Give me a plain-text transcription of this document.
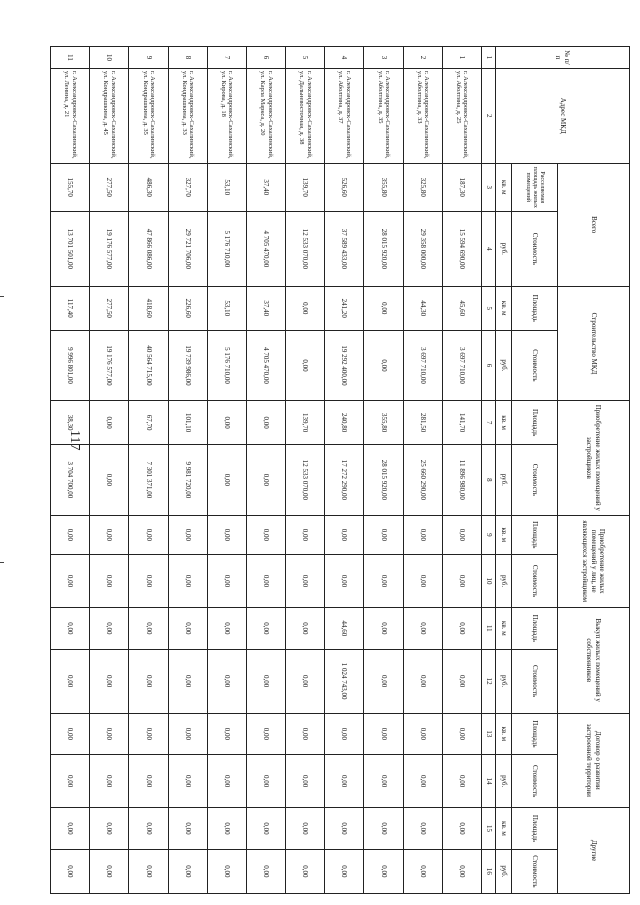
117
№ п/п	Адрес МКД	Всего		Строительство МКД		Приобретение жилых помещений у застройщиков		Приобретение жилых помещений у лиц, не являющихся застройщиком		Выкуп жилых помещений у собственников		Договор о развитии застроенной территории		Другие	
		Расселяемая площадь жилых помещений	Стоимость	Площадь	Стоимость	Площадь	Стоимость	Площадь	Стоимость	Площадь	Стоимость	Площадь	Стоимость	Площадь	Стоимость
		кв. м	руб.	кв. м	руб.	кв. м	руб.	кв. м	руб.	кв. м	руб.	кв. м	руб.	кв. м	руб.
1	2	3	4	5	6	7	8	9	10	11	12	13	14	15	16
1	г. Александровск-Сахалинский, ул. Аболтина, д. 25	187,30	15 594 690,00	45,60	3 697 710,00	141,70	11 896 980,00	0,00	0,00	0,00	0,00	0,00	0,00	0,00	0,00
2	г. Александровск-Сахалинский, ул. Аболтина, д. 33	325,80	29 358 000,00	44,30	3 697 710,00	281,50	25 660 290,00	0,00	0,00	0,00	0,00	0,00	0,00	0,00	0,00
3	г. Александровск-Сахалинский, ул. Аболтина, д. 35	355,80	28 015 920,00	0,00	0,00	355,80	28 015 920,00	0,00	0,00	0,00	0,00	0,00	0,00	0,00	0,00
4	г. Александровск-Сахалинский, ул. Аболтина, д. 37	526,60	37 589 433,00	241,20	19 292 400,00	240,80	17 272 290,00	0,00	0,00	44,60	1 024 743,00	0,00	0,00	0,00	0,00
5	г. Александровск-Сахалинский, ул. Дальневосточная, д. 38	139,70	12 533 070,00	0,00	0,00	139,70	12 533 070,00	0,00	0,00	0,00	0,00	0,00	0,00	0,00	0,00
6	г. Александровск-Сахалинский, ул. Карла Маркса, д. 20	37,40	4 705 470,00	37,40	4 705 470,00	0,00	0,00	0,00	0,00	0,00	0,00	0,00	0,00	0,00	0,00
7	г. Александровск-Сахалинский, ул. Кирова, д. 18	53,10	5 176 710,00	53,10	5 176 710,00	0,00	0,00	0,00	0,00	0,00	0,00	0,00	0,00	0,00	0,00
8	г. Александровск-Сахалинский, ул. Кондрашкина, д. 33	327,70	29 721 706,00	226,60	19 739 986,00	101,10	9 981 720,00	0,00	0,00	0,00	0,00	0,00	0,00	0,00	0,00
9	г. Александровск-Сахалинский, ул. Кондрашкина, д. 35	486,30	47 866 086,00	418,60	40 564 715,00	67,70	7 301 371,00	0,00	0,00	0,00	0,00	0,00	0,00	0,00	0,00
10	г. Александровск-Сахалинский, ул. Кондрашкина, д. 45	277,50	19 176 577,00	277,50	19 176 577,00	0,00	0,00	0,00	0,00	0,00	0,00	0,00	0,00	0,00	0,00
11	г. Александровск-Сахалинский, ул. Ленина, д. 21	155,70	13 701 501,00	117,40	9 996 801,00	38,30	3 704 700,00	0,00	0,00	0,00	0,00	0,00	0,00	0,00	0,00
